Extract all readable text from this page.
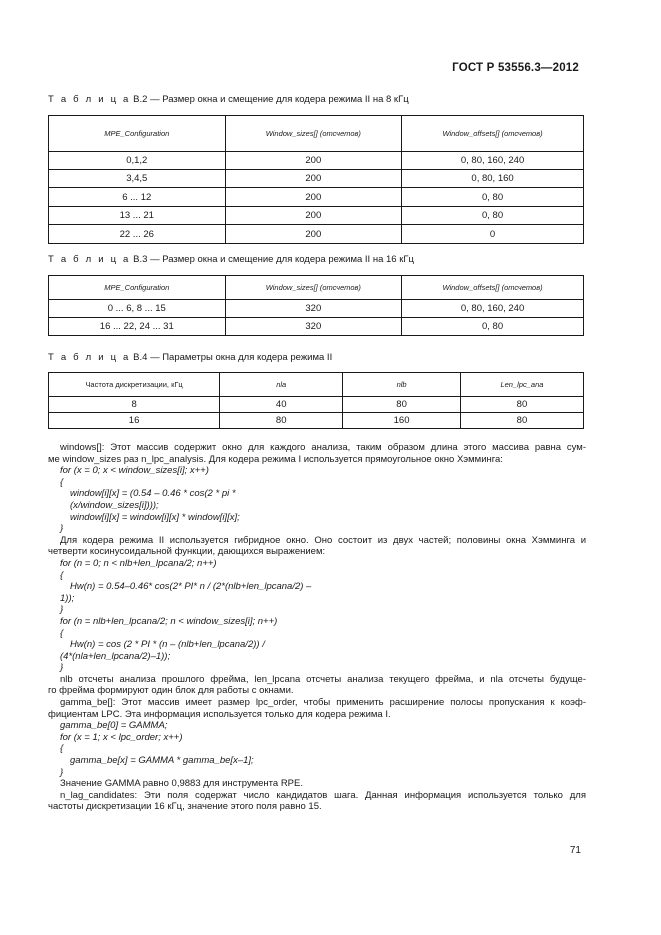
ГОСТ Р 53556.3—2012
Т а б л и ц а В.2 — Размер окна и смещение для кодера режима II на 8 кГц
MPE_Configuration	Window_sizes[] (отсчетов)	Window_offsets[] (отсчетов)
0,1,2	200	0, 80, 160, 240
3,4,5	200	0, 80, 160
6 ... 12	200	0, 80
13 ... 21	200	0, 80
22 ... 26	200	0
Т а б л и ц а В.3 — Размер окна и смещение для кодера режима II на 16 кГц
MPE_Configuration	Window_sizes[] (отсчетов)	Window_offsets[] (отсчетов)
0 ... 6, 8 ... 15	320	0, 80, 160, 240
16 ... 22, 24 ... 31	320	0, 80
Т а б л и ц а В.4 — Параметры окна для кодера режима II
Частота дискретизации, кГц	nla	nlb	Len_lpc_ana
8	40	80	80
16	80	160	80
windows[]: Этот массив содержит окно для каждого анализа, таким образом длина этого массива равна сум-
ме window_sizes раз n_lpc_analysis. Для кодера режима I используется прямоугольное окно Хэмминга:
for (x = 0; x < window_sizes[i]; x++)
{
window[i][x] = (0.54 – 0.46 * cos(2 * pi *
(x/window_sizes[i])));
window[i][x] = window[i][x] * window[i][x];
}
Для кодера режима II используется гибридное окно. Оно состоит из двух частей; половины окна Хэмминга и
четверти косинусоидальной функции, дающихся выражением:
for (n = 0; n < nlb+len_lpcana/2; n++)
{
Hw(n) = 0.54–0.46* cos(2* PI* n / (2*(nlb+len_lpcana/2) –
1));
}
for (n = nlb+len_lpcana/2; n < window_sizes[i]; n++)
{
Hw(n) = cos (2 * PI * (n – (nlb+len_lpcana/2)) /
(4*(nla+len_lpcana/2)–1));
}
nlb отсчеты анализа прошлого фрейма, len_lpcana отсчеты анализа текущего фрейма, и nla отсчеты будуще-
го фрейма формируют один блок для работы с окнами.
gamma_be[]: Этот массив имеет размер lpc_order, чтобы применить расширение полосы пропускания к коэф-
фициентам LPC. Эта информация используется только для кодера режима I.
gamma_be[0] = GAMMA;
for (x = 1; x < lpc_order; x++)
{
gamma_be[x] = GAMMA * gamma_be[x–1];
}
Значение GAMMA равно 0,9883 для инструмента RPE.
n_lag_candidates: Эти поля содержат число кандидатов шага. Данная информация используется только для
частоты дискретизации 16 кГц, значение этого поля равно 15.
71
